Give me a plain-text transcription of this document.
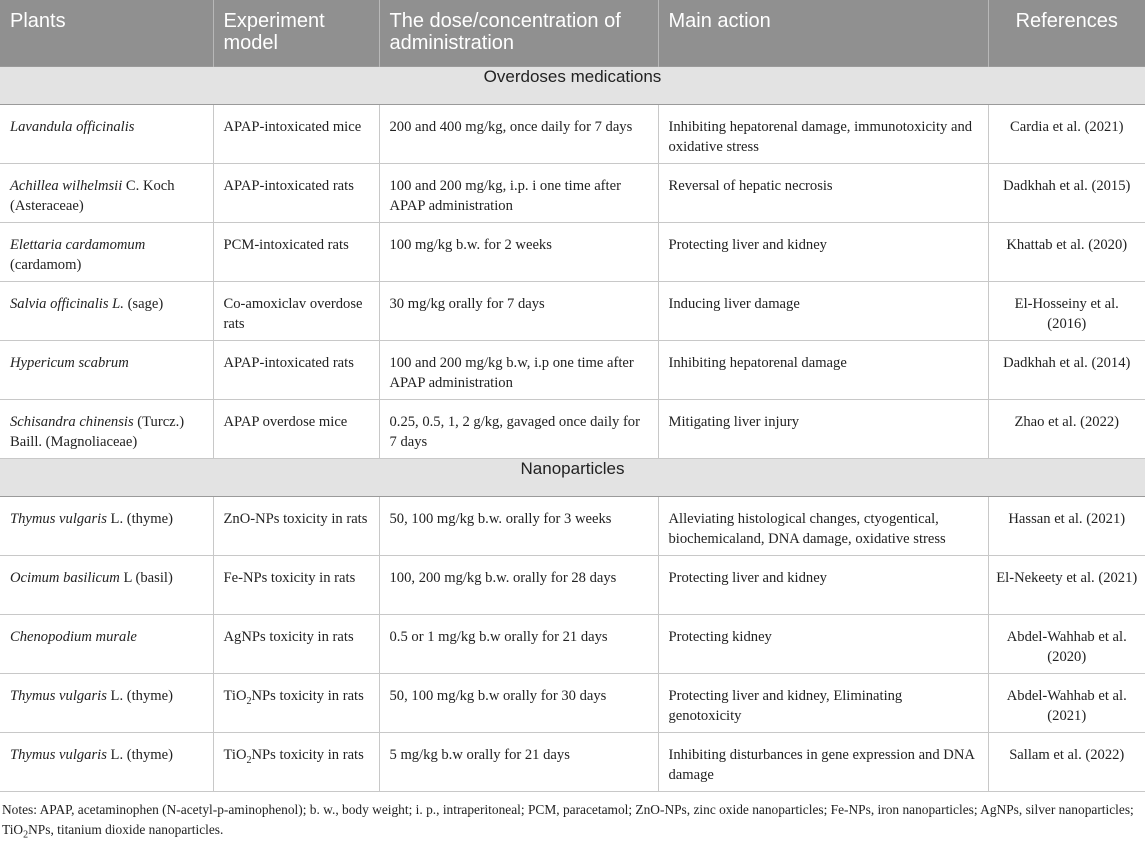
Plants	Experiment model	The dose/concentration of administration	Main action	References
Overdoses medications				
Lavandula officinalis	APAP-intoxicated mice	200 and 400 mg/kg, once daily for 7 days	Inhibiting hepatorenal damage, immunotoxicity and oxidative stress	Cardia et al. (2021)
Achillea wilhelmsii C. Koch (Asteraceae)	APAP-intoxicated rats	100 and 200 mg/kg, i.p. i one time after APAP administration	Reversal of hepatic necrosis	Dadkhah et al. (2015)
Elettaria cardamomum (cardamom)	PCM-intoxicated rats	100 mg/kg b.w. for 2 weeks	Protecting liver and kidney	Khattab et al. (2020)
Salvia officinalis L. (sage)	Co-amoxiclav overdose rats	30 mg/kg orally for 7 days	Inducing liver damage	El-Hosseiny et al. (2016)
Hypericum scabrum	APAP-intoxicated rats	100 and 200 mg/kg b.w, i.p one time after APAP administration	Inhibiting hepatorenal damage	Dadkhah et al. (2014)
Schisandra chinensis (Turcz.) Baill. (Magnoliaceae)	APAP overdose mice	0.25, 0.5, 1, 2 g/kg, gavaged once daily for 7 days	Mitigating liver injury	Zhao et al. (2022)
Nanoparticles				
Thymus vulgaris L. (thyme)	ZnO-NPs toxicity in rats	50, 100 mg/kg b.w. orally for 3 weeks	Alleviating histological changes, ctyogentical, biochemicaland, DNA damage, oxidative stress	Hassan et al. (2021)
Ocimum basilicum L (basil)	Fe-NPs toxicity in rats	100, 200 mg/kg b.w. orally for 28 days	Protecting liver and kidney	El-Nekeety et al. (2021)
Chenopodium murale	AgNPs toxicity in rats	0.5 or 1 mg/kg b.w orally for 21 days	Protecting kidney	Abdel-Wahhab et al. (2020)
Thymus vulgaris L. (thyme)	TiO$_2$NPs toxicity in rats	50, 100 mg/kg b.w orally for 30 days	Protecting liver and kidney, Eliminating genotoxicity	Abdel-Wahhab et al. (2021)
Thymus vulgaris L. (thyme)	TiO$_2$NPs toxicity in rats	5 mg/kg b.w orally for 21 days	Inhibiting disturbances in gene expression and DNA damage	Sallam et al. (2022)
Notes: APAP, acetaminophen (N-acetyl-p-aminophenol); b. w., body weight; i. p., intraperitoneal; PCM, paracetamol; ZnO-NPs, zinc oxide nanoparticles; Fe-NPs, iron nanoparticles; AgNPs, silver nanoparticles; TiO$_2$NPs, titanium dioxide nanoparticles.
